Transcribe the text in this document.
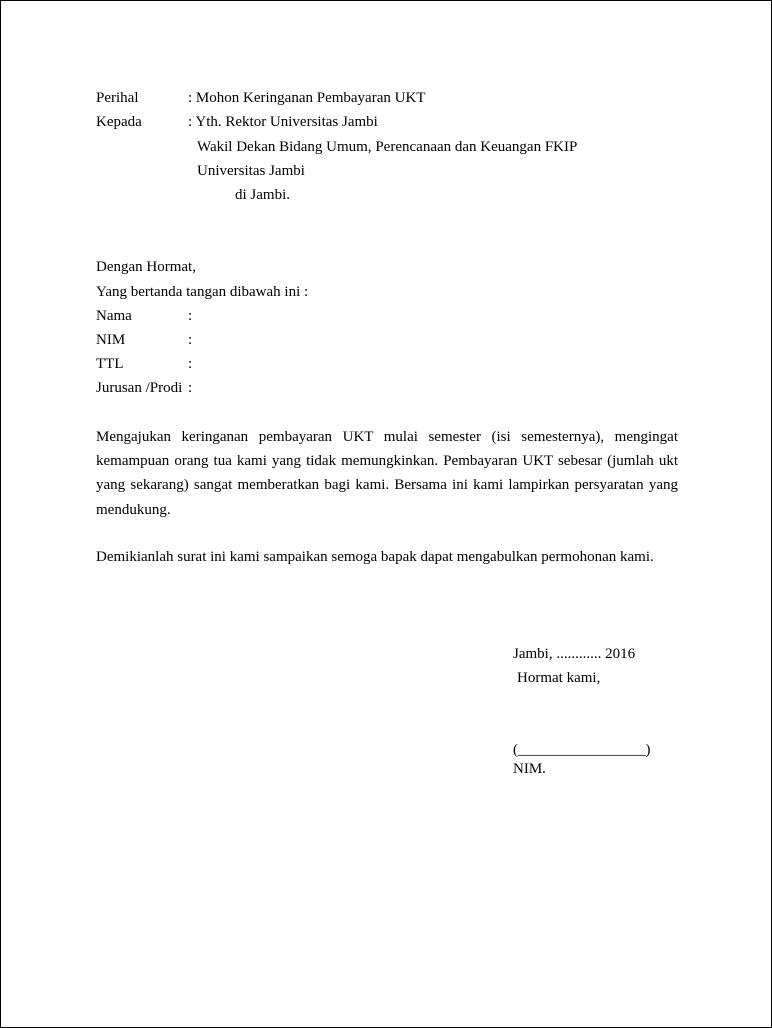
Perihal	: Mohon Keringanan Pembayaran UKT
Kepada	: Yth. Rektor Universitas Jambi
Wakil Dekan Bidang Umum, Perencanaan dan Keuangan FKIP
Universitas Jambi
di Jambi.
Dengan Hormat,
Yang bertanda tangan dibawah ini :
Nama	:
NIM	:
TTL	:
Jurusan /Prodi :
Mengajukan keringanan pembayaran UKT mulai semester (isi semesternya), mengingat kemampuan orang tua kami yang tidak memungkinkan. Pembayaran UKT sebesar (jumlah ukt yang sekarang) sangat memberatkan bagi kami. Bersama ini kami lampirkan persyaratan yang mendukung.
Demikianlah surat ini kami sampaikan semoga bapak dapat mengabulkan permohonan kami.
Jambi, ............ 2016
Hormat kami,
(_________________)
NIM.
